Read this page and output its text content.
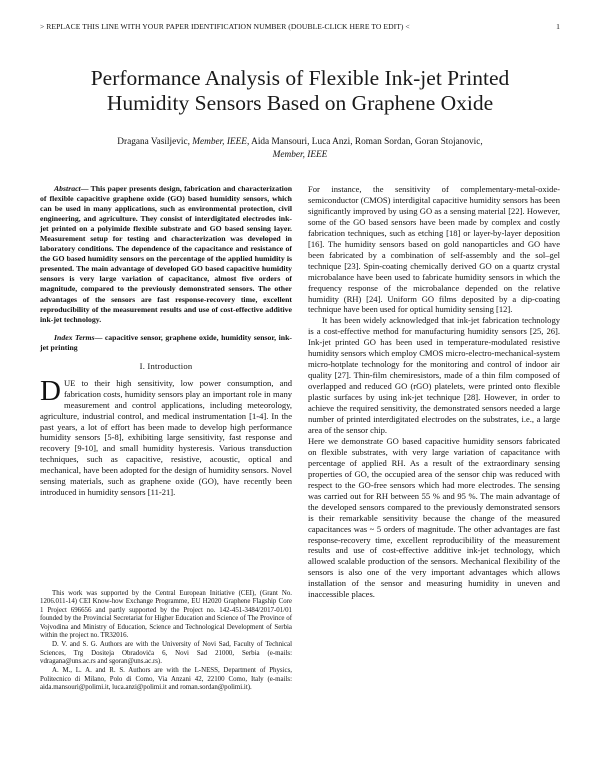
> REPLACE THIS LINE WITH YOUR PAPER IDENTIFICATION NUMBER (DOUBLE-CLICK HERE TO EDIT) <	1
Performance Analysis of Flexible Ink-jet Printed
Humidity Sensors Based on Graphene Oxide
Dragana Vasiljevic, Member, IEEE, Aida Mansouri, Luca Anzi, Roman Sordan, Goran Stojanovic,
Member, IEEE

Abstract— This paper presents design, fabrication and characterization of flexible capacitive graphene oxide (GO) based humidity sensors, which can be used in many applications, such as environmental protection, civil engineering, and agriculture. They consist of interdigitated electrodes ink-jet printed on a polyimide flexible substrate and GO based sensing layer. Measurement setup for testing and characterization was developed in laboratory conditions. The dependence of the capacitance and resistance of the GO based humidity sensors on the percentage of the applied humidity is presented. The main advantage of developed GO based capacitive humidity sensors is very large variation of capacitance, almost five orders of magnitude, compared to the previously demonstrated sensors. The other advantages of the sensors are fast response-recovery time, excellent reproducibility of the measurement results and use of cost-effective additive ink-jet technology.

Index Terms— capacitive sensor, graphene oxide, humidity sensor, ink-jet printing

I. Introduction

DUE to their high sensitivity, low power consumption, and fabrication costs, humidity sensors play an important role in many measurement and control applications, including meteorology, agriculture, industrial control, and medical instrumentation [1-4]. In the past years, a lot of effort has been made to develop high performance humidity sensors [5-8], exhibiting large sensitivity, fast response and recovery [9-10], and small humidity hysteresis. Various transduction techniques, such as capacitive, resistive, acoustic, optical and mechanical, have been adopted for the design of humidity sensors. Novel sensing materials, such as graphene oxide (GO), have recently been introduced in humidity sensors [11-21].

This work was supported by the Central European Initiative (CEI), (Grant No. 1206.011-14) CEI Know-how Exchange Programme, EU H2020 Graphene Flagship Core 1 Project 696656 and partly supported by the Project no. 142-451-3484/2017-01/01 founded by the Provincial Secretariat for Higher Education and Science of The Province of Vojvodina and Ministry of Education, Science and Technological Development of Serbia within the project no. TR32016.

D. V. and S. G. Authors are with the University of Novi Sad, Faculty of Technical Sciences, Trg Dositeja Obradovića 6, Novi Sad 21000, Serbia (e-mails: vdragana@uns.ac.rs and sgoran@uns.ac.rs).

A. M., L. A. and R. S. Authors are with the L-NESS, Department of Physics, Politecnico di Milano, Polo di Como, Via Anzani 42, 22100 Como, Italy (e-mails: aida.mansouri@polimi.it, luca.anzi@polimi.it and roman.sordan@polimi.it).

For instance, the sensitivity of complementary-metal-oxide-semiconductor (CMOS) interdigital capacitive humidity sensors has been significantly improved by using GO as a sensing material [22]. However, some of the GO based sensors have been made by complex and costly fabrication techniques, such as etching [18] or layer-by-layer deposition [16]. The humidity sensors based on gold nanoparticles and GO have been fabricated by a combination of self-assembly and the sol–gel technique [23]. Spin-coating chemically derived GO on a quartz crystal microbalance have been used to fabricate humidity sensors in which the frequency response of the microbalance depended on the relative humidity (RH) [24]. Uniform GO films deposited by a dip-coating technique have been used for optical humidity sensing [12].

It has been widely acknowledged that ink-jet fabrication technology is a cost-effective method for manufacturing humidity sensors [25, 26]. Ink-jet printed GO has been used in temperature-modulated resistive humidity sensors which employ CMOS micro-electro-mechanical-system micro-hotplate technology for the monitoring and control of indoor air quality [27]. Thin-film chemiresistors, made of a thin film composed of overlapped and reduced GO (rGO) platelets, were printed onto flexible plastic surfaces by using ink-jet technique [28]. However, in order to achieve the required sensitivity, the demonstrated sensors needed a large number of printed interdigitated electrodes on the substrates, i.e., a large area of the sensor chip.

Here we demonstrate GO based capacitive humidity sensors fabricated on flexible substrates, with very large variation of capacitance with percentage of applied RH. As a result of the extraordinary sensing properties of GO, the occupied area of the sensor chip was reduced with respect to the GO-free sensors which had more electrodes. The sensing was carried out for RH between 55 % and 95 %. The main advantage of the developed sensors compared to the previously demonstrated sensors is their remarkable sensitivity because the change of the measured capacitances was ~ 5 orders of magnitude. The other advantages are fast response-recovery time, excellent reproducibility of the measurement results and use of cost-effective additive ink-jet technology, which allowed scalable production of the sensors. Mechanical flexibility of the sensors is also one of the very important advantages which allows installation of the sensor and measuring humidity in uneven and inaccessible places.
